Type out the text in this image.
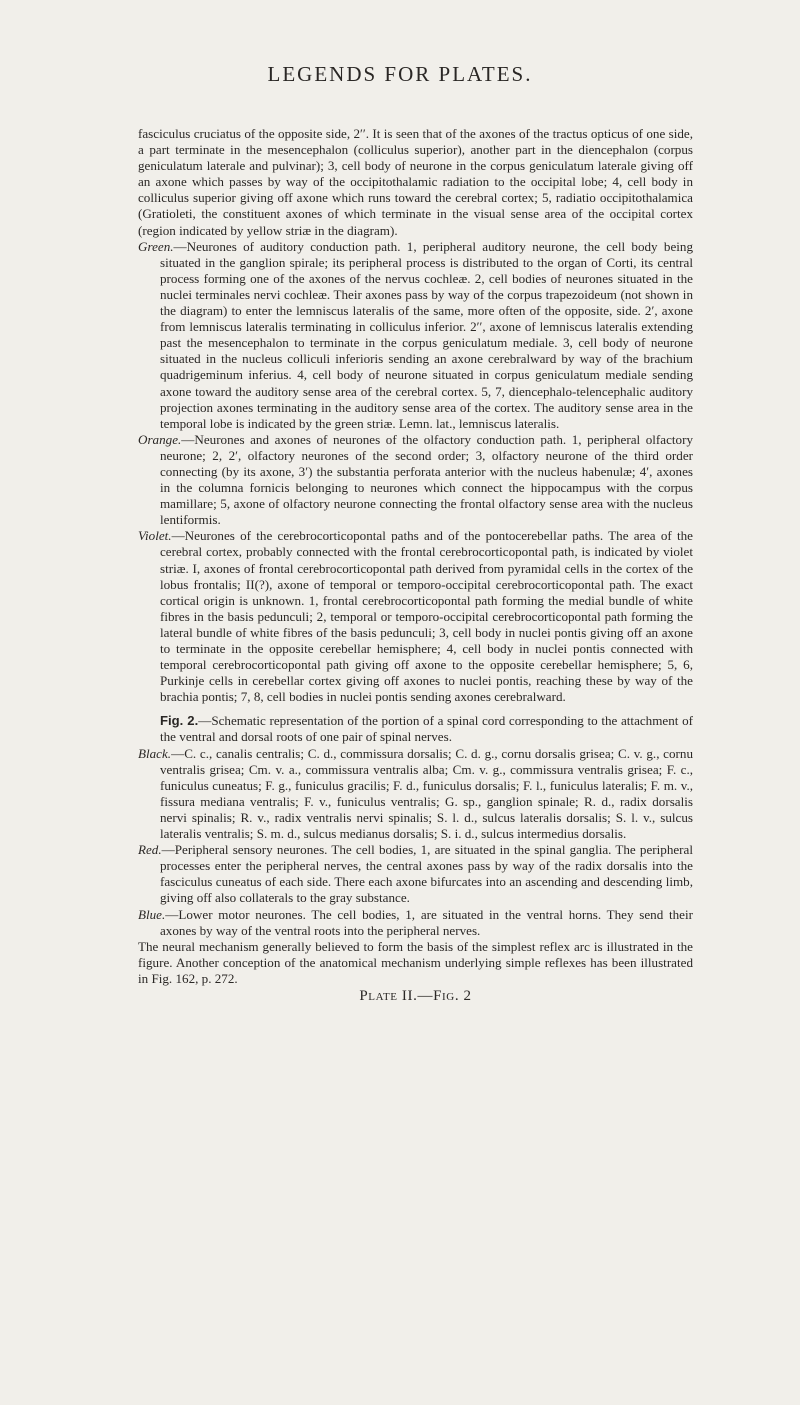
LEGENDS FOR PLATES.

fasciculus cruciatus of the opposite side, 2′′. It is seen that of the axones of the tractus opticus of one side, a part terminate in the mesencephalon (colliculus superior), another part in the diencephalon (corpus geniculatum laterale and pulvinar); 3, cell body of neurone in the corpus geniculatum laterale giving off an axone which passes by way of the occipitothalamic radiation to the occipital lobe; 4, cell body in colliculus superior giving off axone which runs toward the cerebral cortex; 5, radiatio occipitothalamica (Gratioleti, the constituent axones of which terminate in the visual sense area of the occipital cortex (region indicated by yellow striæ in the diagram).

Green.—Neurones of auditory conduction path. 1, peripheral auditory neurone, the cell body being situated in the ganglion spirale; its peripheral process is distributed to the organ of Corti, its central process forming one of the axones of the nervus cochleæ. 2, cell bodies of neurones situated in the nuclei terminales nervi cochleæ. Their axones pass by way of the corpus trapezoideum (not shown in the diagram) to enter the lemniscus lateralis of the same, more often of the opposite, side. 2′, axone from lemniscus lateralis terminating in colliculus inferior. 2′′, axone of lemniscus lateralis extending past the mesencephalon to terminate in the corpus geniculatum mediale. 3, cell body of neurone situated in the nucleus colliculi inferioris sending an axone cerebralward by way of the brachium quadrigeminum inferius. 4, cell body of neurone situated in corpus geniculatum mediale sending axone toward the auditory sense area of the cerebral cortex. 5, 7, diencephalo-telencephalic auditory projection axones terminating in the auditory sense area of the cortex. The auditory sense area in the temporal lobe is indicated by the green striæ. Lemn. lat., lemniscus lateralis.

Orange.—Neurones and axones of neurones of the olfactory conduction path. 1, peripheral olfactory neurone; 2, 2′, olfactory neurones of the second order; 3, olfactory neurone of the third order connecting (by its axone, 3′) the substantia perforata anterior with the nucleus habenulæ; 4′, axones in the columna fornicis belonging to neurones which connect the hippocampus with the corpus mamillare; 5, axone of olfactory neurone connecting the frontal olfactory sense area with the nucleus lentiformis.

Violet.—Neurones of the cerebrocorticopontal paths and of the pontocerebellar paths. The area of the cerebral cortex, probably connected with the frontal cerebrocorticopontal path, is indicated by violet striæ. I, axones of frontal cerebrocorticopontal path derived from pyramidal cells in the cortex of the lobus frontalis; II(?), axone of temporal or temporo-occipital cerebrocorticopontal path. The exact cortical origin is unknown. 1, frontal cerebrocorticopontal path forming the medial bundle of white fibres in the basis pedunculi; 2, temporal or temporo-occipital cerebrocorticopontal path forming the lateral bundle of white fibres of the basis pedunculi; 3, cell body in nuclei pontis giving off an axone to terminate in the opposite cerebellar hemisphere; 4, cell body in nuclei pontis connected with temporal cerebrocorticopontal path giving off axone to the opposite cerebellar hemisphere; 5, 6, Purkinje cells in cerebellar cortex giving off axones to nuclei pontis, reaching these by way of the brachia pontis; 7, 8, cell bodies in nuclei pontis sending axones cerebralward.

Fig. 2.—Schematic representation of the portion of a spinal cord corresponding to the attachment of the ventral and dorsal roots of one pair of spinal nerves.

Black.—C. c., canalis centralis; C. d., commissura dorsalis; C. d. g., cornu dorsalis grisea; C. v. g., cornu ventralis grisea; Cm. v. a., commissura ventralis alba; Cm. v. g., commissura ventralis grisea; F. c., funiculus cuneatus; F. g., funiculus gracilis; F. d., funiculus dorsalis; F. l., funiculus lateralis; F. m. v., fissura mediana ventralis; F. v., funiculus ventralis; G. sp., ganglion spinale; R. d., radix dorsalis nervi spinalis; R. v., radix ventralis nervi spinalis; S. l. d., sulcus lateralis dorsalis; S. l. v., sulcus lateralis ventralis; S. m. d., sulcus medianus dorsalis; S. i. d., sulcus intermedius dorsalis.

Red.—Peripheral sensory neurones. The cell bodies, 1, are situated in the spinal ganglia. The peripheral processes enter the peripheral nerves, the central axones pass by way of the radix dorsalis into the fasciculus cuneatus of each side. There each axone bifurcates into an ascending and descending limb, giving off also collaterals to the gray substance.

Blue.—Lower motor neurones. The cell bodies, 1, are situated in the ventral horns. They send their axones by way of the ventral roots into the peripheral nerves.

The neural mechanism generally believed to form the basis of the simplest reflex arc is illustrated in the figure. Another conception of the anatomical mechanism underlying simple reflexes has been illustrated in Fig. 162, p. 272.

Plate II.—Fig. 2
